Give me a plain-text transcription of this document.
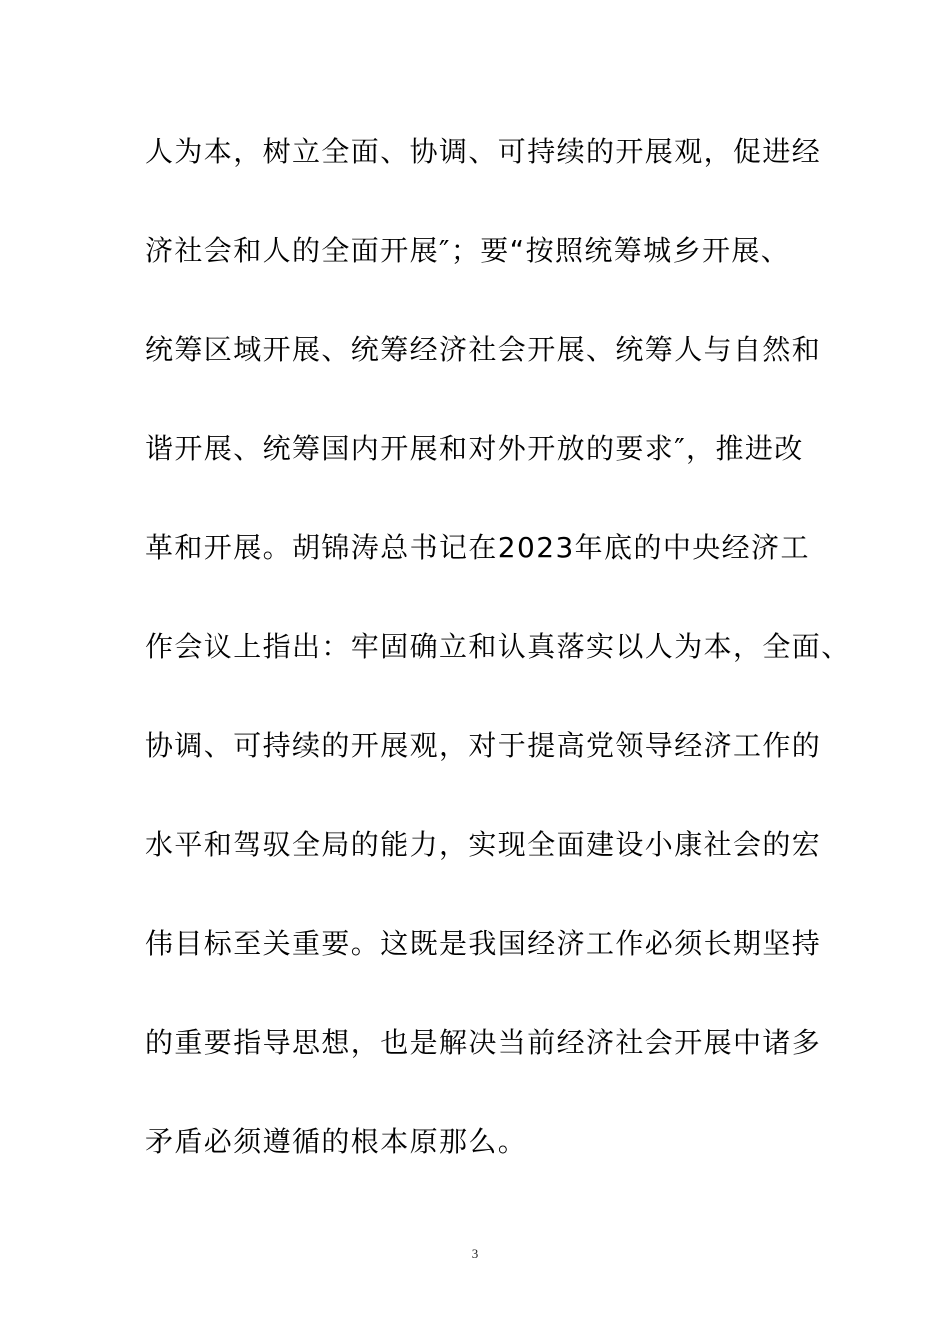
人为本，树立全面、协调、可持续的开展观，促进经
济社会和人的全面开展″；要“按照统筹城乡开展、
统筹区域开展、统筹经济社会开展、统筹人与自然和
谐开展、统筹国内开展和对外开放的要求″，推进改
革和开展。胡锦涛总书记在2023年底的中央经济工
作会议上指出：牢固确立和认真落实以人为本，全面、
协调、可持续的开展观，对于提高党领导经济工作的
水平和驾驭全局的能力，实现全面建设小康社会的宏
伟目标至关重要。这既是我国经济工作必须长期坚持
的重要指导思想，也是解决当前经济社会开展中诸多
矛盾必须遵循的根本原那么。
3
